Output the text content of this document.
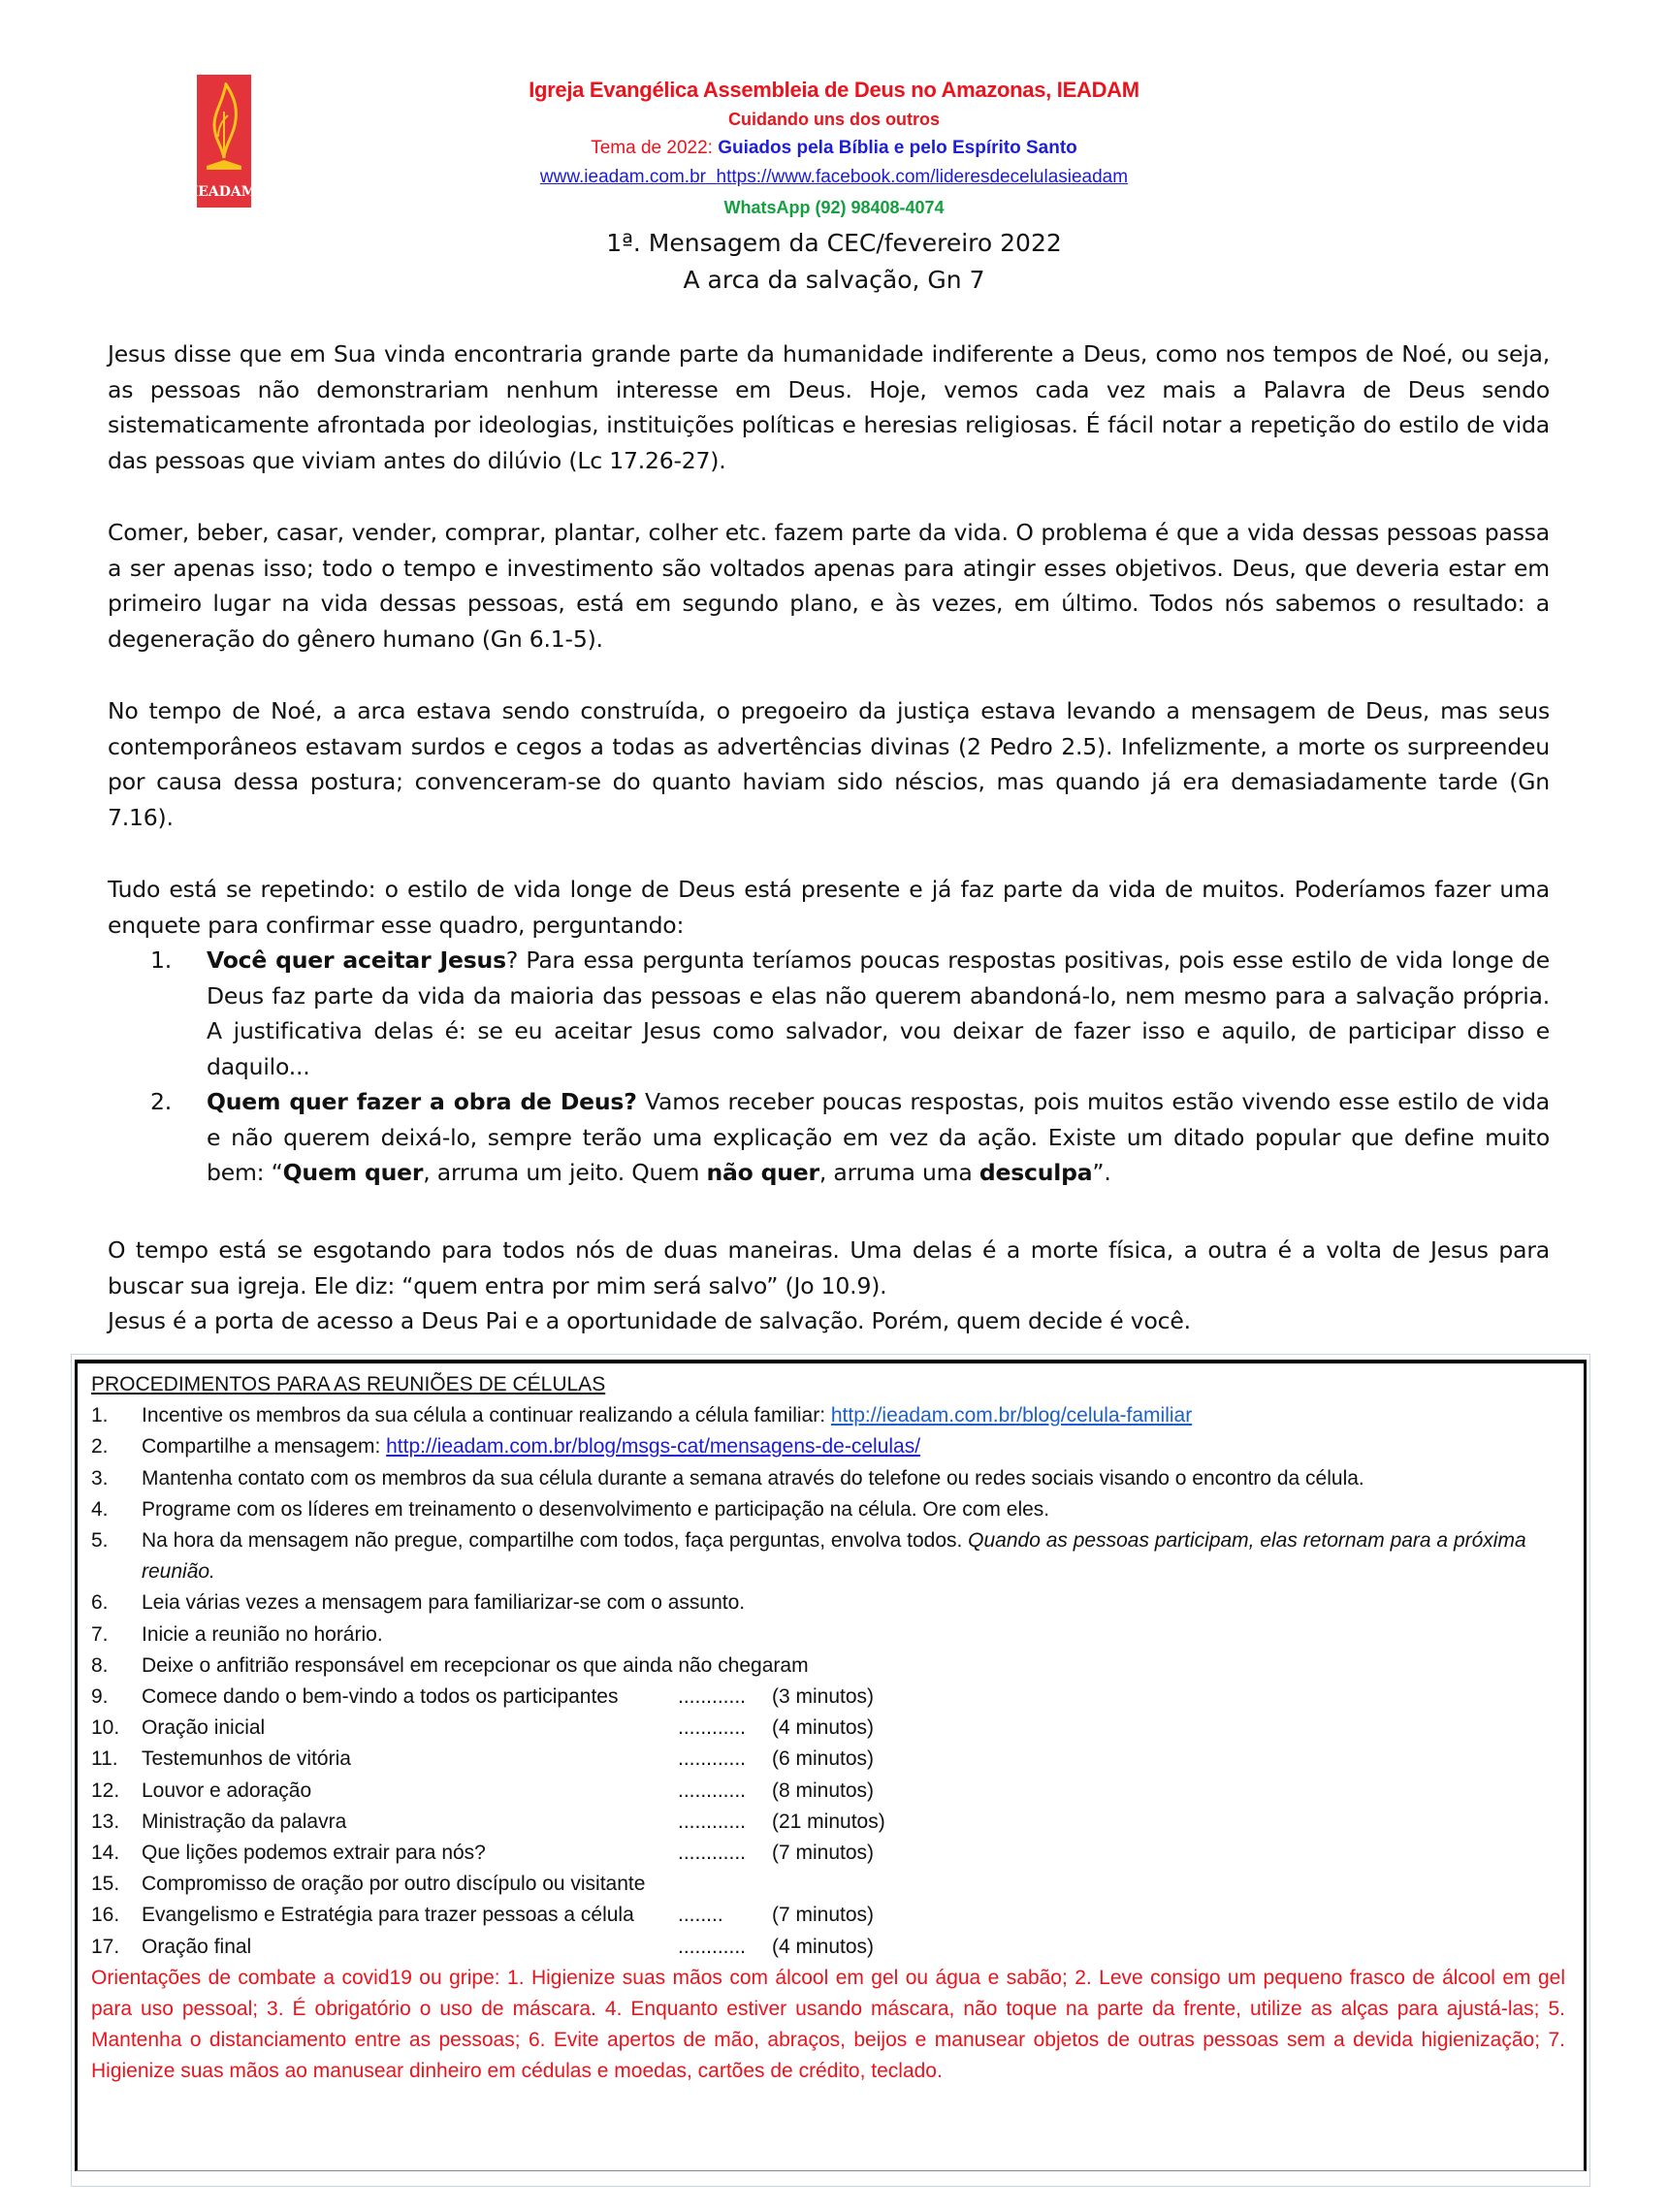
IEADAM
Igreja Evangélica Assembleia de Deus no Amazonas, IEADAM
Cuidando uns dos outros
Tema de 2022: Guiados pela Bíblia e pelo Espírito Santo
www.ieadam.com.br https://www.facebook.com/lideresdecelulasieadam
WhatsApp (92) 98408-4074
1ª. Mensagem da CEC/fevereiro 2022
A arca da salvação, Gn 7
Jesus disse que em Sua vinda encontraria grande parte da humanidade indiferente a Deus, como nos tempos de Noé, ou seja, as pessoas não demonstrariam nenhum interesse em Deus. Hoje, vemos cada vez mais a Palavra de Deus sendo sistematicamente afrontada por ideologias, instituições políticas e heresias religiosas. É fácil notar a repetição do estilo de vida das pessoas que viviam antes do dilúvio (Lc 17.26-27).
Comer, beber, casar, vender, comprar, plantar, colher etc. fazem parte da vida. O problema é que a vida dessas pessoas passa a ser apenas isso; todo o tempo e investimento são voltados apenas para atingir esses objetivos. Deus, que deveria estar em primeiro lugar na vida dessas pessoas, está em segundo plano, e às vezes, em último. Todos nós sabemos o resultado: a degeneração do gênero humano (Gn 6.1-5).
No tempo de Noé, a arca estava sendo construída, o pregoeiro da justiça estava levando a mensagem de Deus, mas seus contemporâneos estavam surdos e cegos a todas as advertências divinas (2 Pedro 2.5). Infelizmente, a morte os surpreendeu por causa dessa postura; convenceram-se do quanto haviam sido néscios, mas quando já era demasiadamente tarde (Gn 7.16).
Tudo está se repetindo: o estilo de vida longe de Deus está presente e já faz parte da vida de muitos. Poderíamos fazer uma enquete para confirmar esse quadro, perguntando:
1.	Você quer aceitar Jesus? Para essa pergunta teríamos poucas respostas positivas, pois esse estilo de vida longe de Deus faz parte da vida da maioria das pessoas e elas não querem abandoná-lo, nem mesmo para a salvação própria. A justificativa delas é: se eu aceitar Jesus como salvador, vou deixar de fazer isso e aquilo, de participar disso e daquilo...
2.	Quem quer fazer a obra de Deus? Vamos receber poucas respostas, pois muitos estão vivendo esse estilo de vida e não querem deixá-lo, sempre terão uma explicação em vez da ação. Existe um ditado popular que define muito bem: “Quem quer, arruma um jeito. Quem não quer, arruma uma desculpa”.
O tempo está se esgotando para todos nós de duas maneiras. Uma delas é a morte física, a outra é a volta de Jesus para buscar sua igreja. Ele diz: “quem entra por mim será salvo” (Jo 10.9).
Jesus é a porta de acesso a Deus Pai e a oportunidade de salvação. Porém, quem decide é você.
PROCEDIMENTOS PARA AS REUNIÕES DE CÉLULAS
1.	Incentive os membros da sua célula a continuar realizando a célula familiar: http://ieadam.com.br/blog/celula-familiar
2.	Compartilhe a mensagem: http://ieadam.com.br/blog/msgs-cat/mensagens-de-celulas/
3.	Mantenha contato com os membros da sua célula durante a semana através do telefone ou redes sociais visando o encontro da célula.
4.	Programe com os líderes em treinamento o desenvolvimento e participação na célula. Ore com eles.
5.	Na hora da mensagem não pregue, compartilhe com todos, faça perguntas, envolva todos. Quando as pessoas participam, elas retornam para a próxima reunião.
6.	Leia várias vezes a mensagem para familiarizar-se com o assunto.
7.	Inicie a reunião no horário.
8.	Deixe o anfitrião responsável em recepcionar os que ainda não chegaram
9.	Comece dando o bem-vindo a todos os participantes	............ (3 minutos)
10.	Oração inicial	............ (4 minutos)
11.	Testemunhos de vitória	............ (6 minutos)
12.	Louvor e adoração	............ (8 minutos)
13.	Ministração da palavra	............ (21 minutos)
14.	Que lições podemos extrair para nós?	............ (7 minutos)
15.	Compromisso de oração por outro discípulo ou visitante
16.	Evangelismo e Estratégia para trazer pessoas a célula ........ (7 minutos)
17.	Oração final	............ (4 minutos)
Orientações de combate a covid19 ou gripe: 1. Higienize suas mãos com álcool em gel ou água e sabão; 2. Leve consigo um pequeno frasco de álcool em gel para uso pessoal; 3. É obrigatório o uso de máscara. 4. Enquanto estiver usando máscara, não toque na parte da frente, utilize as alças para ajustá-las; 5. Mantenha o distanciamento entre as pessoas; 6. Evite apertos de mão, abraços, beijos e manusear objetos de outras pessoas sem a devida higienização; 7. Higienize suas mãos ao manusear dinheiro em cédulas e moedas, cartões de crédito, teclado.
